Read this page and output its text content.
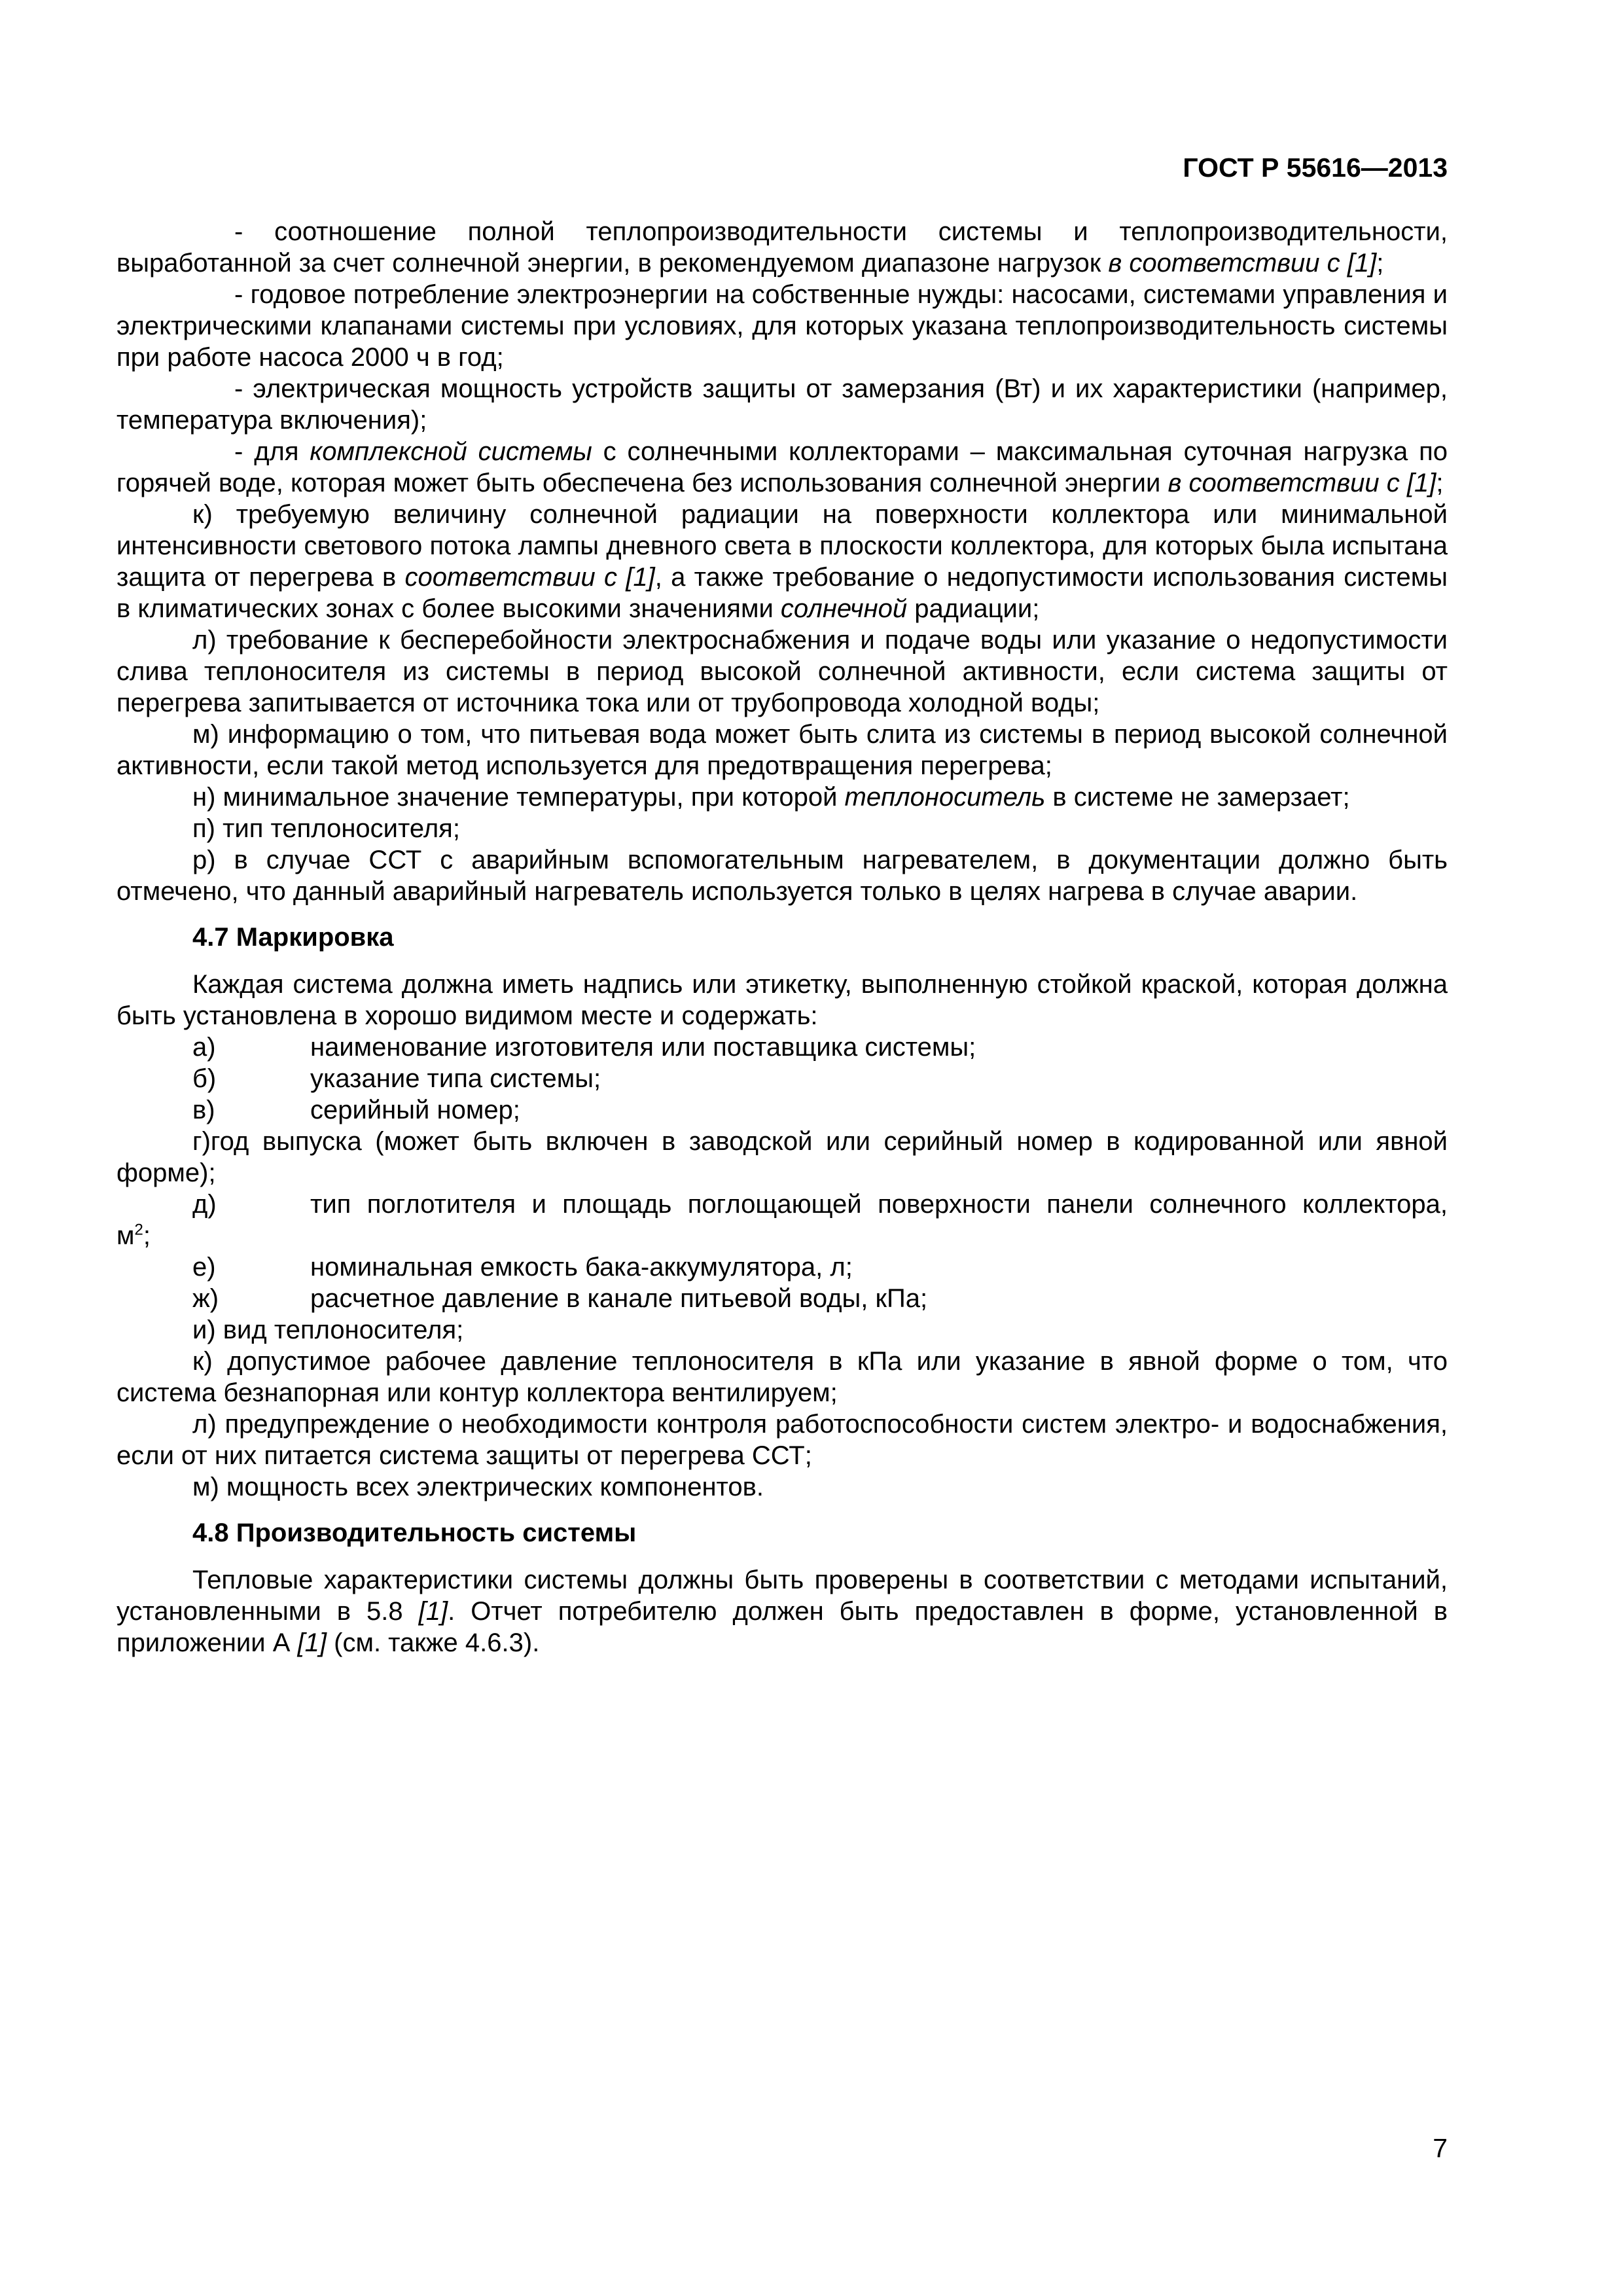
ГОСТ Р 55616—2013

- соотношение полной теплопроизводительности системы и теплопроизводительности, выработанной за счет солнечной энергии, в рекомендуемом диапазоне нагрузок в соответствии с [1];

- годовое потребление электроэнергии на собственные нужды: насосами, системами управления и электрическими клапанами системы при условиях, для которых указана теплопроизводительность системы при работе насоса 2000 ч в год;

- электрическая мощность устройств защиты от замерзания (Вт) и их характеристики (например, температура включения);

- для комплексной системы с солнечными коллекторами – максимальная суточная нагрузка по горячей воде, которая может быть обеспечена без использования солнечной энергии в соответствии с [1];

к) требуемую величину солнечной радиации на поверхности коллектора или минимальной интенсивности светового потока лампы дневного света в плоскости коллектора, для которых была испытана защита от перегрева в соответствии с [1], а также требование о недопустимости использования системы в климатических зонах с более высокими значениями солнечной радиации;

л) требование к бесперебойности электроснабжения и подаче воды или указание о недопустимости слива теплоносителя из системы в период высокой солнечной активности, если система защиты от перегрева запитывается от источника тока или от трубопровода холодной воды;

м) информацию о том, что питьевая вода может быть слита из системы в период высокой солнечной активности, если такой метод используется для предотвращения перегрева;

н) минимальное значение температуры, при которой теплоноситель в системе не замерзает;

п) тип теплоносителя;

р) в случае ССТ с аварийным вспомогательным нагревателем, в документации должно быть отмечено, что данный аварийный нагреватель используется только в целях нагрева в случае аварии.

4.7 Маркировка

Каждая система должна иметь надпись или этикетку, выполненную стойкой краской, которая должна быть установлена в хорошо видимом месте и содержать:

а)	наименование изготовителя или поставщика системы;
б)	указание типа системы;
в)	серийный номер;

г)год выпуска (может быть включен в заводской или серийный номер в кодированной или явной форме);

д)	тип поглотителя и площадь поглощающей поверхности панели солнечного коллектора,

$м^2$;

е)	номинальная емкость бака-аккумулятора, л;
ж)	расчетное давление в канале питьевой воды, кПа;

и) вид теплоносителя;

к) допустимое рабочее давление теплоносителя в кПа или указание в явной форме о том, что система безнапорная или контур коллектора вентилируем;

л) предупреждение о необходимости контроля работоспособности систем электро- и водоснабжения, если от них питается система защиты от перегрева ССТ;

м) мощность всех электрических компонентов.

4.8 Производительность системы

Тепловые характеристики системы должны быть проверены в соответствии с методами испытаний, установленными в 5.8 [1]. Отчет потребителю должен быть предоставлен в форме, установленной в приложении А [1] (см. также 4.6.3).

7
